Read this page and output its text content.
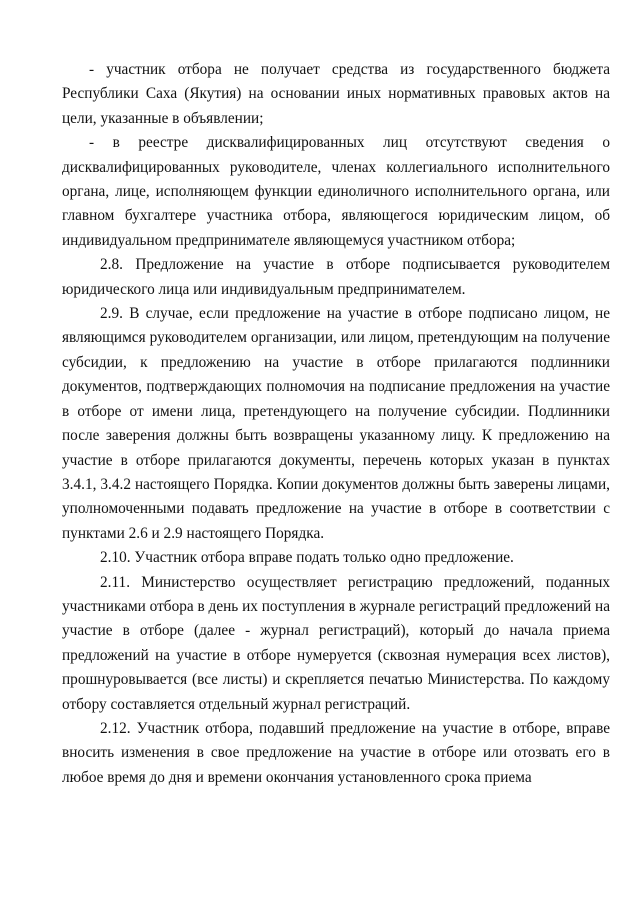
- участник отбора не получает средства из государственного бюджета Республики Саха (Якутия) на основании иных нормативных правовых актов на цели, указанные в объявлении;

- в реестре дисквалифицированных лиц отсутствуют сведения о дисквалифицированных руководителе, членах коллегиального исполнительного органа, лице, исполняющем функции единоличного исполнительного органа, или главном бухгалтере участника отбора, являющегося юридическим лицом, об индивидуальном предпринимателе являющемуся участником отбора;

2.8. Предложение на участие в отборе подписывается руководителем юридического лица или индивидуальным предпринимателем.

2.9. В случае, если предложение на участие в отборе подписано лицом, не являющимся руководителем организации, или лицом, претендующим на получение субсидии, к предложению на участие в отборе прилагаются подлинники документов, подтверждающих полномочия на подписание предложения на участие в отборе от имени лица, претендующего на получение субсидии. Подлинники после заверения должны быть возвращены указанному лицу. К предложению на участие в отборе прилагаются документы, перечень которых указан в пунктах 3.4.1, 3.4.2 настоящего Порядка. Копии документов должны быть заверены лицами, уполномоченными подавать предложение на участие в отборе в соответствии с пунктами 2.6 и 2.9 настоящего Порядка.

2.10. Участник отбора вправе подать только одно предложение.

2.11. Министерство осуществляет регистрацию предложений, поданных участниками отбора в день их поступления в журнале регистраций предложений на участие в отборе (далее - журнал регистраций), который до начала приема предложений на участие в отборе нумеруется (сквозная нумерация всех листов), прошнуровывается (все листы) и скрепляется печатью Министерства. По каждому отбору составляется отдельный журнал регистраций.

2.12. Участник отбора, подавший предложение на участие в отборе, вправе вносить изменения в свое предложение на участие в отборе или отозвать его в любое время до дня и времени окончания установленного срока приема
